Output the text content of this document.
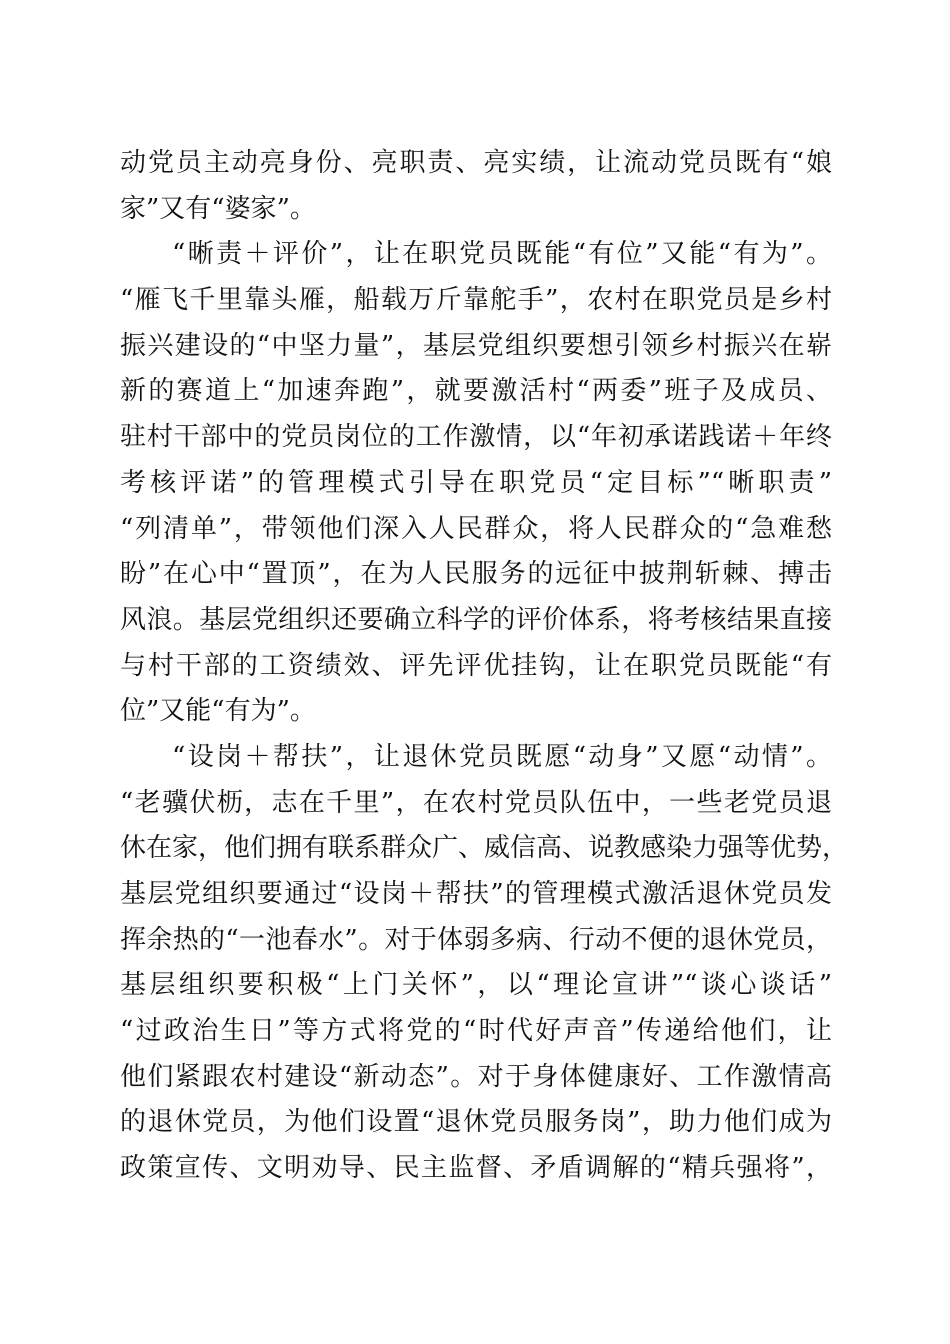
动党员主动亮身份、亮职责、亮实绩，让流动党员既有“娘
家”又有“婆家”。
“晰责＋评价”，让在职党员既能“有位”又能“有为”。
“雁飞千里靠头雁，船载万斤靠舵手”，农村在职党员是乡村
振兴建设的“中坚力量”，基层党组织要想引领乡村振兴在崭
新的赛道上“加速奔跑”，就要激活村“两委”班子及成员、
驻村干部中的党员岗位的工作激情，以“年初承诺践诺＋年终
考核评诺”的管理模式引导在职党员“定目标”“晰职责”
“列清单”，带领他们深入人民群众，将人民群众的“急难愁
盼”在心中“置顶”，在为人民服务的远征中披荆斩棘、搏击
风浪。基层党组织还要确立科学的评价体系，将考核结果直接
与村干部的工资绩效、评先评优挂钩，让在职党员既能“有
位”又能“有为”。
“设岗＋帮扶”，让退休党员既愿“动身”又愿“动情”。
“老骥伏枥，志在千里”，在农村党员队伍中，一些老党员退
休在家，他们拥有联系群众广、威信高、说教感染力强等优势，
基层党组织要通过“设岗＋帮扶”的管理模式激活退休党员发
挥余热的“一池春水”。对于体弱多病、行动不便的退休党员，
基层组织要积极“上门关怀”，以“理论宣讲”“谈心谈话”
“过政治生日”等方式将党的“时代好声音”传递给他们，让
他们紧跟农村建设“新动态”。对于身体健康好、工作激情高
的退休党员，为他们设置“退休党员服务岗”，助力他们成为
政策宣传、文明劝导、民主监督、矛盾调解的“精兵强将”，
